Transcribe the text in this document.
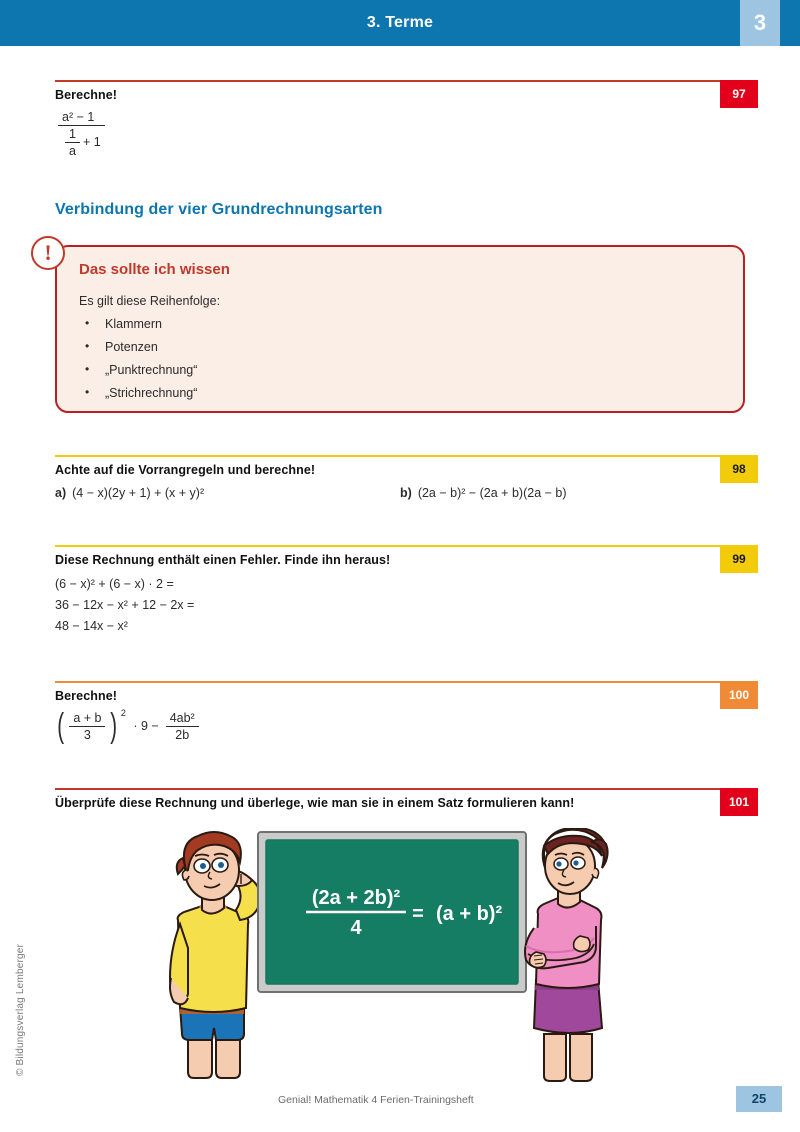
3. Terme	3
© Bildungsverlag Lemberger
97
Berechne!
$\frac{\text{a² − 1}}{\frac{1}{a} + 1}$
Verbindung der vier Grundrechnungsarten
Das sollte ich wissen
Es gilt diese Reihenfolge:
• Klammern
• Potenzen
• „Punktrechnung“
• „Strichrechnung“
!
98
Achte auf die Vorrangregeln und berechne!
a) (4 − x)(2y + 1) + (x + y)²	b) (2a − b)² − (2a + b)(2a − b)
99
Diese Rechnung enthält einen Fehler. Finde ihn heraus!

(6 − x)² + (6 − x) · 2 =

36 − 12x − x² + 12 − 2x =

48 − 14x − x²

100
Berechne!
( $\frac{a + b}{3}$ ) $2 \cdot 9 - \frac{\text{4ab²}}{2b}$
101
Überprüfe diese Rechnung und überlege, wie man sie in einem Satz formulieren kann!
(2a + 2b)²
4
= (a + b)²
Genial! Mathematik 4 Ferien-Trainingsheft	25
